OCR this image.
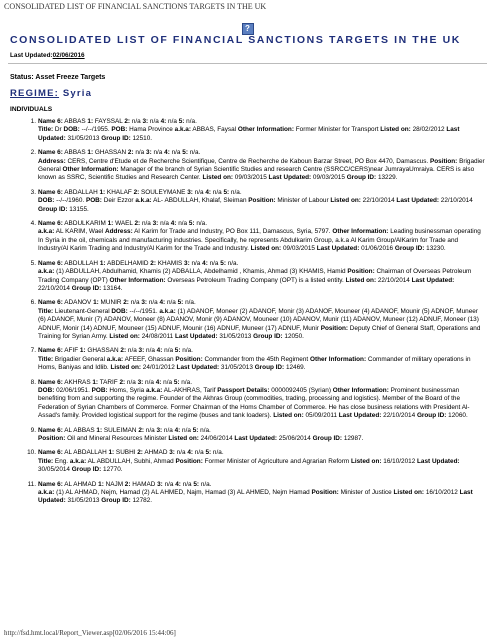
CONSOLIDATED LIST OF FINANCIAL SANCTIONS TARGETS IN THE UK
?
CONSOLIDATED LIST OF FINANCIAL SANCTIONS TARGETS IN THE UK
Last Updated:02/06/2016
Status: Asset Freeze Targets
REGIME: Syria
INDIVIDUALS
1. Name 6: ABBAS 1: FAYSSAL 2: n/a 3: n/a 4: n/a 5: n/a.
Title: Dr DOB: --/--/1955. POB: Hama Province a.k.a: ABBAS, Faysal Other Information: Former Minister for Transport Listed on: 28/02/2012 Last Updated: 31/05/2013 Group ID: 12510.
2. Name 6: ABBAS 1: GHASSAN 2: n/a 3: n/a 4: n/a 5: n/a.
Address: CERS, Centre d'Etude et de Recherche Scientifique, Centre de Recherche de Kaboun Barzar Street, PO Box 4470, Damascus. Position: Brigadier General Other Information: Manager of the branch of Syrian Scientific Studies and research Centre (SSRCC/CERS)near JumrayaUmraiya. CERS is also known as SSRC, Scientific Studies and Research Center. Listed on: 09/03/2015 Last Updated: 09/03/2015 Group ID: 13229.
3. Name 6: ABDALLAH 1: KHALAF 2: SOULEYMANE 3: n/a 4: n/a 5: n/a.
DOB: --/--/1960. POB: Deir Ezzor a.k.a: AL- ABDULLAH, Khalaf, Sleiman Position: Minister of Labour Listed on: 22/10/2014 Last Updated: 22/10/2014 Group ID: 13155.
4. Name 6: ABDULKARIM 1: WAEL 2: n/a 3: n/a 4: n/a 5: n/a.
a.k.a: AL KARIM, Wael Address: Al Karim for Trade and Industry, PO Box 111, Damascus, Syria, 5797. Other Information: Leading businessman operating In Syria in the oil, chemicals and manufacturing industries. Specifically, he represents Abdulkarim Group, a.k.a Al Karim Group/AlKarim for Trade and Industry/Al Karim Trading and Industry/Al Karim for the Trade and Industry. Listed on: 09/03/2015 Last Updated: 01/06/2016 Group ID: 13230.
5. Name 6: ABDULLAH 1: ABDELHAMID 2: KHAMIS 3: n/a 4: n/a 5: n/a.
a.k.a: (1) ABDULLAH, Abdulhamid, Khamis (2) ADBALLA, Abdelhamid , Khamis, Ahmad (3) KHAMIS, Hamid Position: Chairman of Overseas Petroleum Trading Company (OPT) Other Information: Overseas Petroleum Trading Company (OPT) is a listed entity. Listed on: 22/10/2014 Last Updated: 22/10/2014 Group ID: 13164.
6. Name 6: ADANOV 1: MUNIR 2: n/a 3: n/a 4: n/a 5: n/a.
Title: Lieutenant-General DOB: --/--/1951. a.k.a: (1) ADANOF, Moneer (2) ADANOF, Monir (3) ADANOF, Mouneer (4) ADANOF, Mounir (5) ADNOF, Muneer (6) ADANOF, Munir (7) ADANOV, Moneer (8) ADANOV, Monir (9) ADANOV, Mouneer (10) ADANOV, Munir (11) ADANOV, Muneer (12) ADNUF, Moneer (13) ADNUF, Monir (14) ADNUF, Mouneer (15) ADNUF, Mounir (16) ADNUF, Muneer (17) ADNUF, Munir Position: Deputy Chief of General Staff, Operations and Training for Syrian Army. Listed on: 24/08/2011 Last Updated: 31/05/2013 Group ID: 12050.
7. Name 6: AFIF 1: GHASSAN 2: n/a 3: n/a 4: n/a 5: n/a.
Title: Brigadier General a.k.a: AFEEF, Ghassan Position: Commander from the 45th Regiment Other Information: Commander of military operations in Homs, Baniyas and Idlib. Listed on: 24/01/2012 Last Updated: 31/05/2013 Group ID: 12469.
8. Name 6: AKHRAS 1: TARIF 2: n/a 3: n/a 4: n/a 5: n/a.
DOB: 02/06/1951. POB: Homs, Syria a.k.a: AL-AKHRAS, Tarif Passport Details: 0000092405 (Syrian) Other Information: Prominent businessman benefiting from and supporting the regime. Founder of the Akhras Group (commodities, trading, processing and logistics). Member of the Board of the Federation of Syrian Chambers of Commerce. Former Chairman of the Homs Chamber of Commerce. He has close business relations with President Al-Assad's family. Provided logistical support for the regime (buses and tank loaders). Listed on: 05/09/2011 Last Updated: 22/10/2014 Group ID: 12060.
9. Name 6: AL ABBAS 1: SULEIMAN 2: n/a 3: n/a 4: n/a 5: n/a.
Position: Oil and Mineral Resources Minister Listed on: 24/06/2014 Last Updated: 25/06/2014 Group ID: 12987.
10. Name 6: AL ABDALLAH 1: SUBHI 2: AHMAD 3: n/a 4: n/a 5: n/a.
Title: Eng. a.k.a: AL ABDULLAH, Subhi, Ahmad Position: Former Minister of Agriculture and Agrarian Reform Listed on: 16/10/2012 Last Updated: 30/05/2014 Group ID: 12770.
11. Name 6: AL AHMAD 1: NAJM 2: HAMAD 3: n/a 4: n/a 5: n/a.
a.k.a: (1) AL AHMAD, Nejm, Hamad (2) AL AHMED, Najm, Hamad (3) AL AHMED, Nejm Hamad Position: Minister of Justice Listed on: 16/10/2012 Last Updated: 31/05/2013 Group ID: 12782.
http://fsd.hmt.local/Report_Viewer.asp[02/06/2016 15:44:06]
